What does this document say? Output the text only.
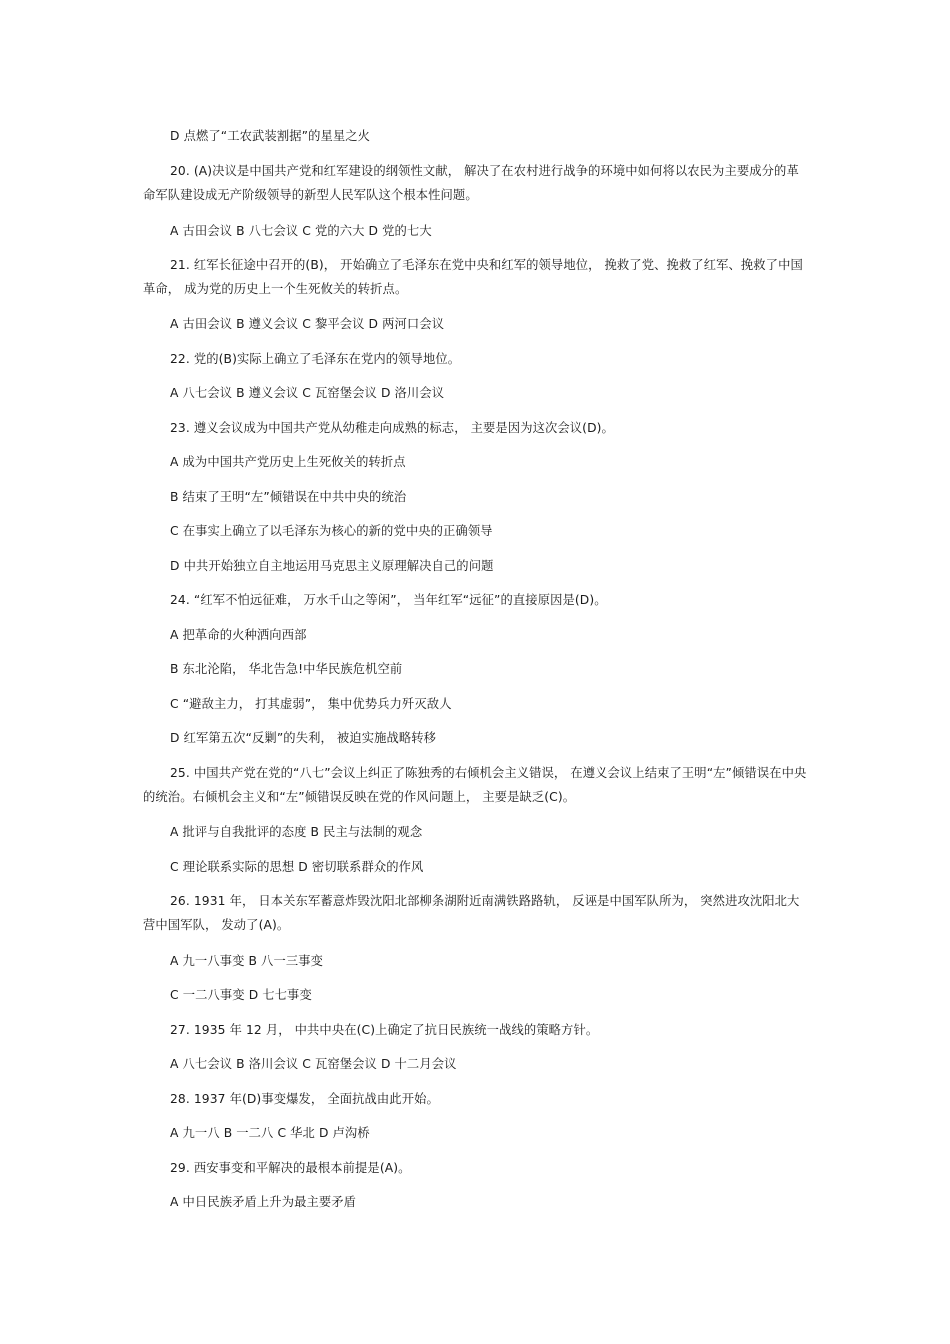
D 点燃了“工农武装割据”的星星之火

20. (A)决议是中国共产党和红军建设的纲领性文献， 解决了在农村进行战争的环境中如何将以农民为主要成分的革命军队建设成无产阶级领导的新型人民军队这个根本性问题。

A 古田会议 B 八七会议 C 党的六大 D 党的七大

21. 红军长征途中召开的(B)， 开始确立了毛泽东在党中央和红军的领导地位， 挽救了党、挽救了红军、挽救了中国革命， 成为党的历史上一个生死攸关的转折点。

A 古田会议 B 遵义会议 C 黎平会议 D 两河口会议

22. 党的(B)实际上确立了毛泽东在党内的领导地位。

A 八七会议 B 遵义会议 C 瓦窑堡会议 D 洛川会议

23. 遵义会议成为中国共产党从幼稚走向成熟的标志， 主要是因为这次会议(D)。

A 成为中国共产党历史上生死攸关的转折点

B 结束了王明“左”倾错误在中共中央的统治

C 在事实上确立了以毛泽东为核心的新的党中央的正确领导

D 中共开始独立自主地运用马克思主义原理解决自己的问题

24. “红军不怕远征难， 万水千山之等闲”， 当年红军“远征”的直接原因是(D)。

A 把革命的火种洒向西部

B 东北沦陷， 华北告急!中华民族危机空前

C “避敌主力， 打其虚弱”， 集中优势兵力歼灭敌人

D 红军第五次“反剿”的失利， 被迫实施战略转移

25. 中国共产党在党的“八七”会议上纠正了陈独秀的右倾机会主义错误， 在遵义会议上结束了王明“左”倾错误在中央的统治。右倾机会主义和“左”倾错误反映在党的作风问题上， 主要是缺乏(C)。

A 批评与自我批评的态度 B 民主与法制的观念

C 理论联系实际的思想 D 密切联系群众的作风

26. 1931 年， 日本关东军蓄意炸毁沈阳北部柳条湖附近南满铁路路轨， 反诬是中国军队所为， 突然进攻沈阳北大营中国军队， 发动了(A)。

A 九一八事变 B 八一三事变

C 一二八事变 D 七七事变

27. 1935 年 12 月， 中共中央在(C)上确定了抗日民族统一战线的策略方针。

A 八七会议 B 洛川会议 C 瓦窑堡会议 D 十二月会议

28. 1937 年(D)事变爆发， 全面抗战由此开始。

A 九一八 B 一二八 C 华北 D 卢沟桥

29. 西安事变和平解决的最根本前提是(A)。

A 中日民族矛盾上升为最主要矛盾
